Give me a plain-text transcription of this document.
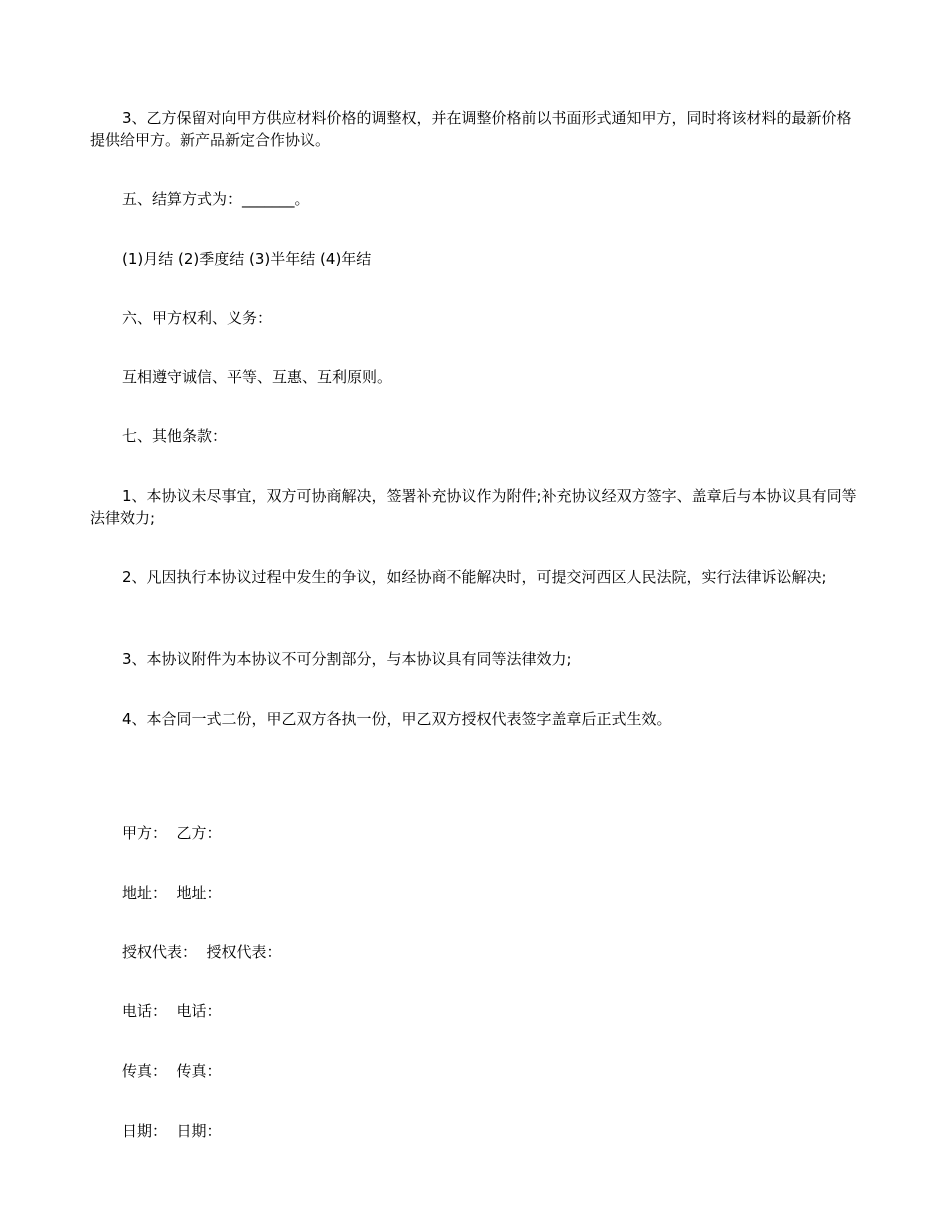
3、乙方保留对向甲方供应材料价格的调整权，并在调整价格前以书面形式通知甲方，同时将该材料的最新价格提供给甲方。新产品新定合作协议。

五、结算方式为：_______。

(1)月结 (2)季度结 (3)半年结 (4)年结

六、甲方权利、义务：

互相遵守诚信、平等、互惠、互利原则。

七、其他条款：

1、本协议未尽事宜，双方可协商解决，签署补充协议作为附件;补充协议经双方签字、盖章后与本协议具有同等法律效力;

2、凡因执行本协议过程中发生的争议，如经协商不能解决时，可提交河西区人民法院，实行法律诉讼解决;

3、本协议附件为本协议不可分割部分，与本协议具有同等法律效力;

4、本合同一式二份，甲乙双方各执一份，甲乙双方授权代表签字盖章后正式生效。

甲方：  乙方：

地址：  地址：

授权代表：  授权代表：

电话：  电话：

传真：  传真：

日期：  日期：
